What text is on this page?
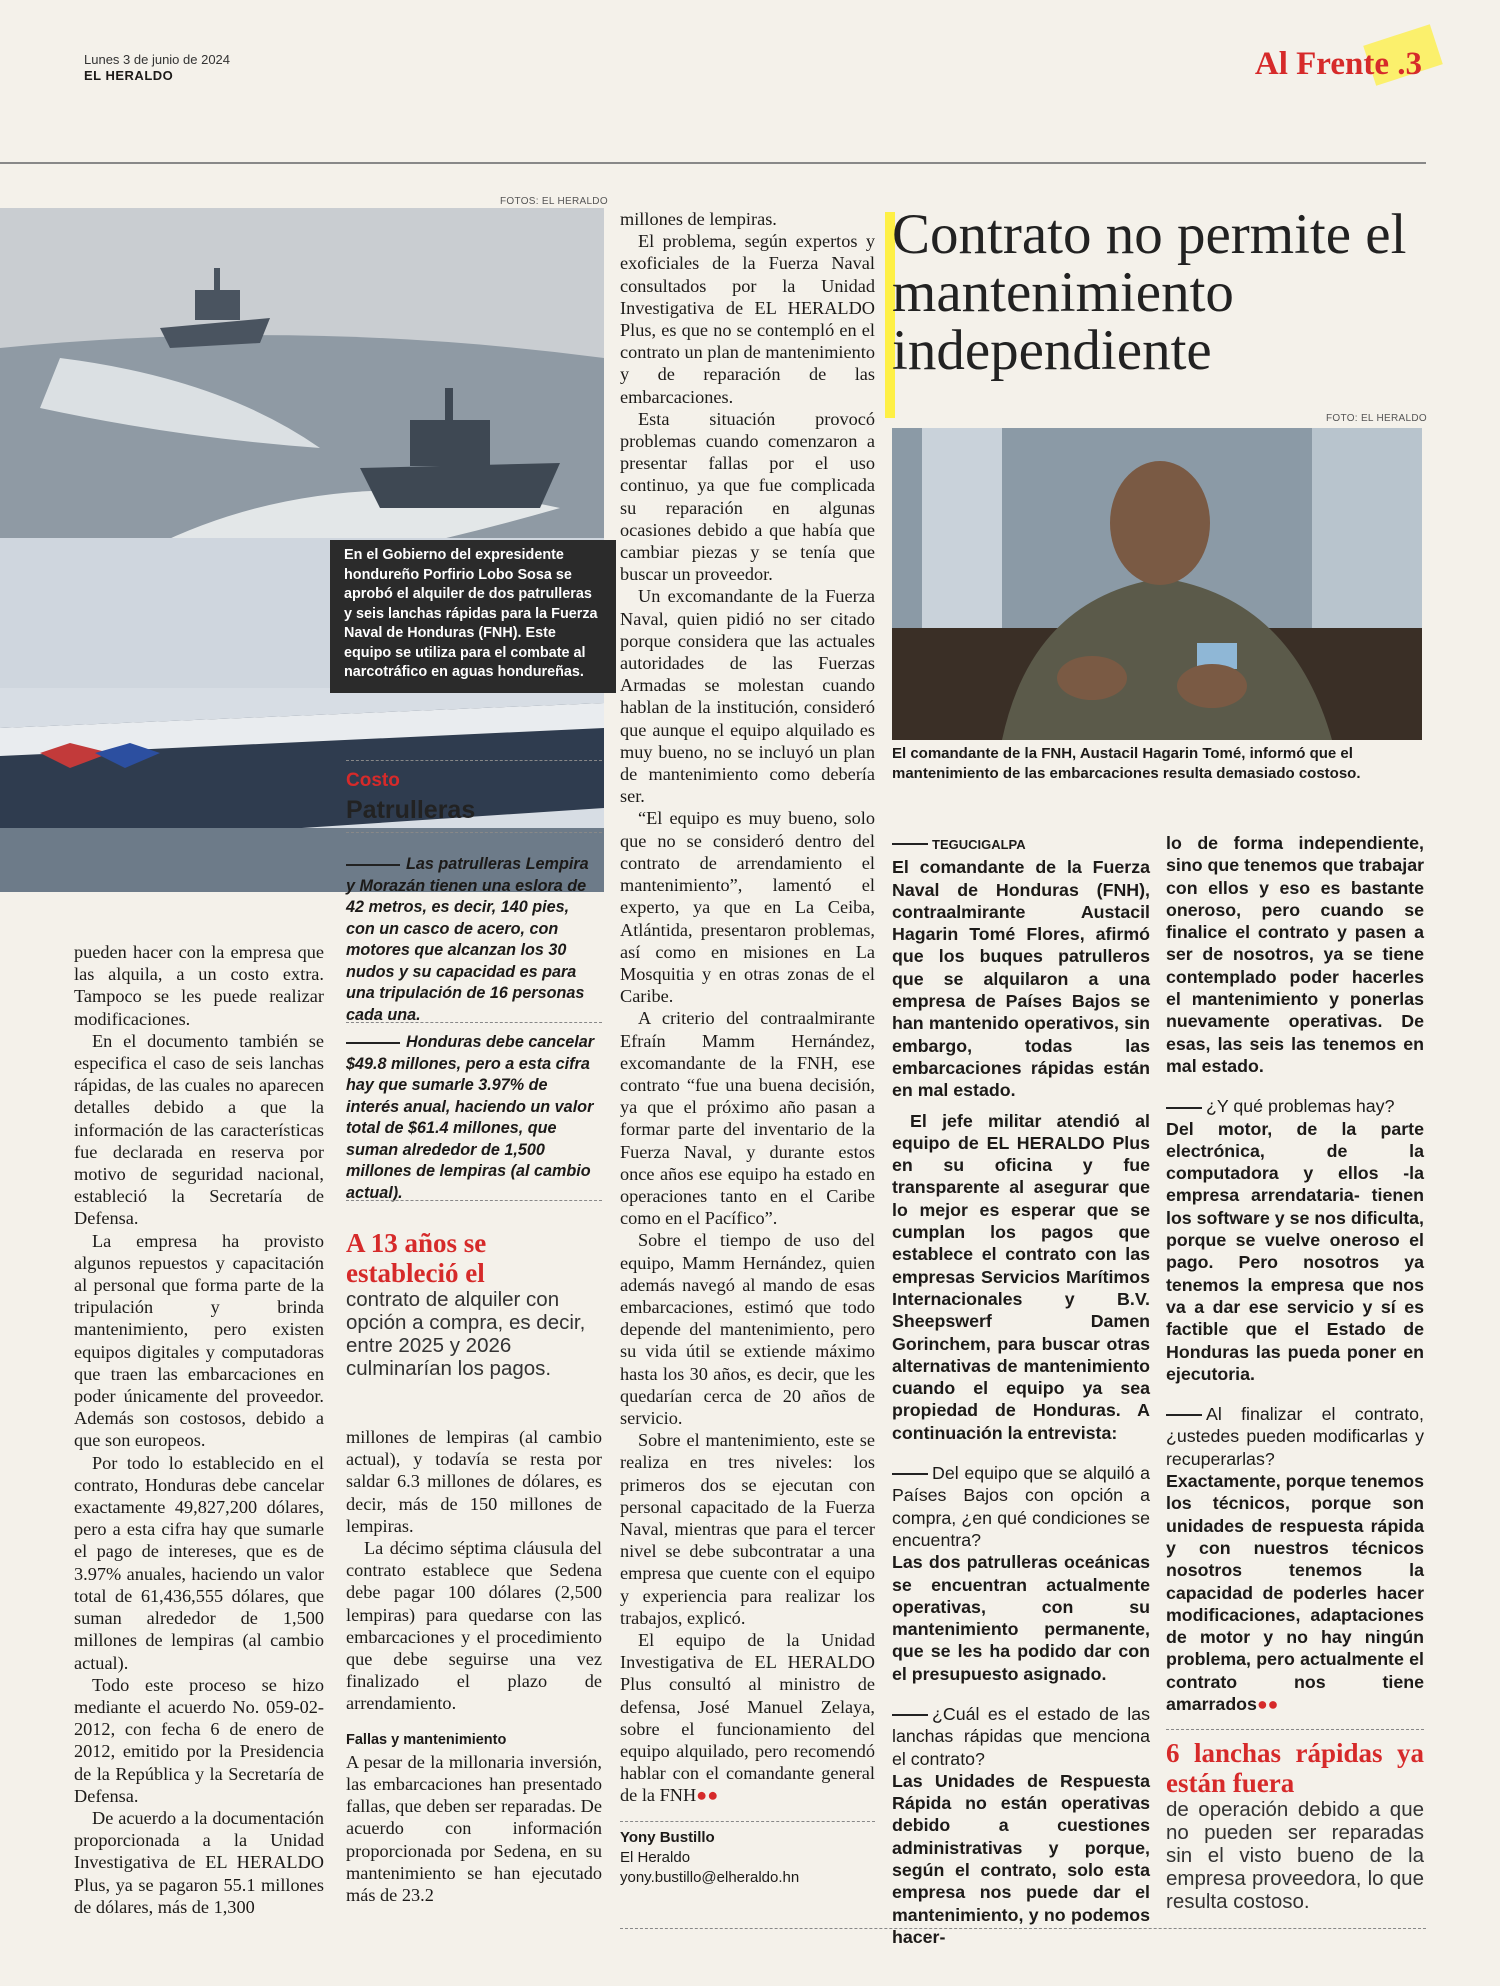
Lunes 3 de junio de 2024
EL HERALDO	Al Frente .3
FOTOS: EL HERALDO
En el Gobierno del expresidente hondureño Porfirio Lobo Sosa se aprobó el alquiler de dos patrulleras y seis lanchas rápidas para la Fuerza Naval de Honduras (FNH). Este equipo se utiliza para el combate al narcotráfico en aguas hondureñas.
Contrato no permite el mantenimiento independiente
FOTO: EL HERALDO
El comandante de la FNH, Austacil Hagarin Tomé, informó que el mantenimiento de las embarcaciones resulta demasiado costoso.

pueden hacer con la empresa que las alquila, a un costo extra. Tampoco se les puede realizar modificaciones.

En el documento también se especifica el caso de seis lanchas rápidas, de las cuales no aparecen detalles debido a que la información de las características fue declarada en reserva por motivo de seguridad nacional, estableció la Secretaría de Defensa.

La empresa ha provisto algunos repuestos y capacitación al personal que forma parte de la tripulación y brinda mantenimiento, pero existen equipos digitales y computadoras que traen las embarcaciones en poder únicamente del proveedor. Además son costosos, debido a que son europeos.

Por todo lo establecido en el contrato, Honduras debe cancelar exactamente 49,827,200 dólares, pero a esta cifra hay que sumarle el pago de intereses, que es de 3.97% anuales, haciendo un valor total de 61,436,555 dólares, que suman alrededor de 1,500 millones de lempiras (al cambio actual).

Todo este proceso se hizo mediante el acuerdo No. 059-02-2012, con fecha 6 de enero de 2012, emitido por la Presidencia de la República y la Secretaría de Defensa.

De acuerdo a la documentación proporcionada a la Unidad Investigativa de EL HERALDO Plus, ya se pagaron 55.1 millones de dólares, más de 1,300

Costo
Patrulleras
Las patrulleras Lempira y Morazán tienen una eslora de 42 metros, es decir, 140 pies, con un casco de acero, con motores que alcanzan los 30 nudos y su capacidad es para una tripulación de 16 personas cada una.
Honduras debe cancelar $49.8 millones, pero a esta cifra hay que sumarle 3.97% de interés anual, haciendo un valor total de $61.4 millones, que suman alrededor de 1,500 millones de lempiras (al cambio actual).
A 13 años se estableció el
contrato de alquiler con opción a compra, es decir, entre 2025 y 2026 culminarían los pagos.

millones de lempiras (al cambio actual), y todavía se resta por saldar 6.3 millones de dólares, es decir, más de 150 millones de lempiras.

La décimo séptima cláusula del contrato establece que Sedena debe pagar 100 dólares (2,500 lempiras) para quedarse con las embarcaciones y el procedimiento que debe seguirse una vez finalizado el plazo de arrendamiento.

Fallas y mantenimiento

A pesar de la millonaria inversión, las embarcaciones han presentado fallas, que deben ser reparadas. De acuerdo con información proporcionada por Sedena, en su mantenimiento se han ejecutado más de 23.2

millones de lempiras.

El problema, según expertos y exoficiales de la Fuerza Naval consultados por la Unidad Investigativa de EL HERALDO Plus, es que no se contempló en el contrato un plan de mantenimiento y de reparación de las embarcaciones.

Esta situación provocó problemas cuando comenzaron a presentar fallas por el uso continuo, ya que fue complicada su reparación en algunas ocasiones debido a que había que cambiar piezas y se tenía que buscar un proveedor.

Un excomandante de la Fuerza Naval, quien pidió no ser citado porque considera que las actuales autoridades de las Fuerzas Armadas se molestan cuando hablan de la institución, consideró que aunque el equipo alquilado es muy bueno, no se incluyó un plan de mantenimiento como debería ser.

“El equipo es muy bueno, solo que no se consideró dentro del contrato de arrendamiento el mantenimiento”, lamentó el experto, ya que en La Ceiba, Atlántida, presentaron problemas, así como en misiones en La Mosquitia y en otras zonas de el Caribe.

A criterio del contraalmirante Efraín Mamm Hernández, excomandante de la FNH, ese contrato “fue una buena decisión, ya que el próximo año pasan a formar parte del inventario de la Fuerza Naval, y durante estos once años ese equipo ha estado en operaciones tanto en el Caribe como en el Pacífico”.

Sobre el tiempo de uso del equipo, Mamm Hernández, quien además navegó al mando de esas embarcaciones, estimó que todo depende del mantenimiento, pero su vida útil se extiende máximo hasta los 30 años, es decir, que les quedarían cerca de 20 años de servicio.

Sobre el mantenimiento, este se realiza en tres niveles: los primeros dos se ejecutan con personal capacitado de la Fuerza Naval, mientras que para el tercer nivel se debe subcontratar a una empresa que cuente con el equipo y experiencia para realizar los trabajos, explicó.

El equipo de la Unidad Investigativa de EL HERALDO Plus consultó al ministro de defensa, José Manuel Zelaya, sobre el funcionamiento del equipo alquilado, pero recomendó hablar con el comandante general de la FNH●●

Yony Bustillo
El Heraldo
yony.bustillo@elheraldo.hn

TEGUCIGALPA
El comandante de la Fuerza Naval de Honduras (FNH), contraalmirante Austacil Hagarin Tomé Flores, afirmó que los buques patrulleros que se alquilaron a una empresa de Países Bajos se han mantenido operativos, sin embargo, todas las embarcaciones rápidas están en mal estado.

El jefe militar atendió al equipo de EL HERALDO Plus en su oficina y fue transparente al asegurar que lo mejor es esperar que se cumplan los pagos que establece el contrato con las empresas Servicios Marítimos Internacionales y B.V. Sheepswerf Damen Gorinchem, para buscar otras alternativas de mantenimiento cuando el equipo ya sea propiedad de Honduras. A continuación la entrevista:

Del equipo que se alquiló a Países Bajos con opción a compra, ¿en qué condiciones se encuentra?

Las dos patrulleras oceánicas se encuentran actualmente operativas, con su mantenimiento permanente, que se les ha podido dar con el presupuesto asignado.

¿Cuál es el estado de las lanchas rápidas que menciona el contrato?

Las Unidades de Respuesta Rápida no están operativas debido a cuestiones administrativas y porque, según el contrato, solo esta empresa nos puede dar el mantenimiento, y no podemos hacer-

lo de forma independiente, sino que tenemos que trabajar con ellos y eso es bastante oneroso, pero cuando se finalice el contrato y pasen a ser de nosotros, ya se tiene contemplado poder hacerles el mantenimiento y ponerlas nuevamente operativas. De esas, las seis las tenemos en mal estado.

¿Y qué problemas hay?

Del motor, de la parte electrónica, de la computadora y ellos -la empresa arrendataria- tienen los software y se nos dificulta, porque se vuelve oneroso el pago. Pero nosotros ya tenemos la empresa que nos va a dar ese servicio y sí es factible que el Estado de Honduras las pueda poner en ejecutoria.

Al finalizar el contrato, ¿ustedes pueden modificarlas y recuperarlas?

Exactamente, porque tenemos los técnicos, porque son unidades de respuesta rápida y con nuestros técnicos nosotros tenemos la capacidad de poderles hacer modificaciones, adaptaciones de motor y no hay ningún problema, pero actualmente el contrato nos tiene amarrados●●

6 lanchas rápidas ya están fuera
de operación debido a que no pueden ser reparadas sin el visto bueno de la empresa proveedora, lo que resulta costoso.
